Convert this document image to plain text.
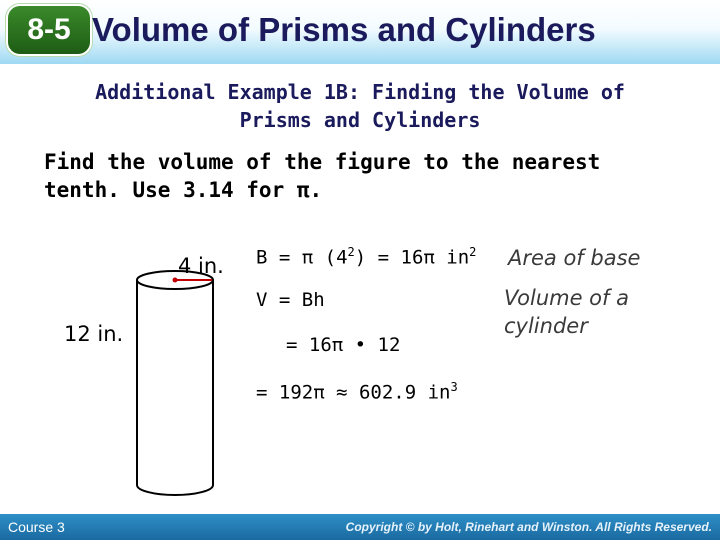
8-5 Volume of Prisms and Cylinders
Additional Example 1B: Finding the Volume of
Prisms and Cylinders
Find the volume of the figure to the nearest
tenth. Use 3.14 for π.
4 in.
12 in.
B = π $(4^2) = 16\pi$ $in^2$ Area of base
V = Bh	Volume of a
cylinder
= 16π • 12
= 192π ≈ 602.9 $in^3$
Course 3	Copyright © by Holt, Rinehart and Winston. All Rights Reserved.
